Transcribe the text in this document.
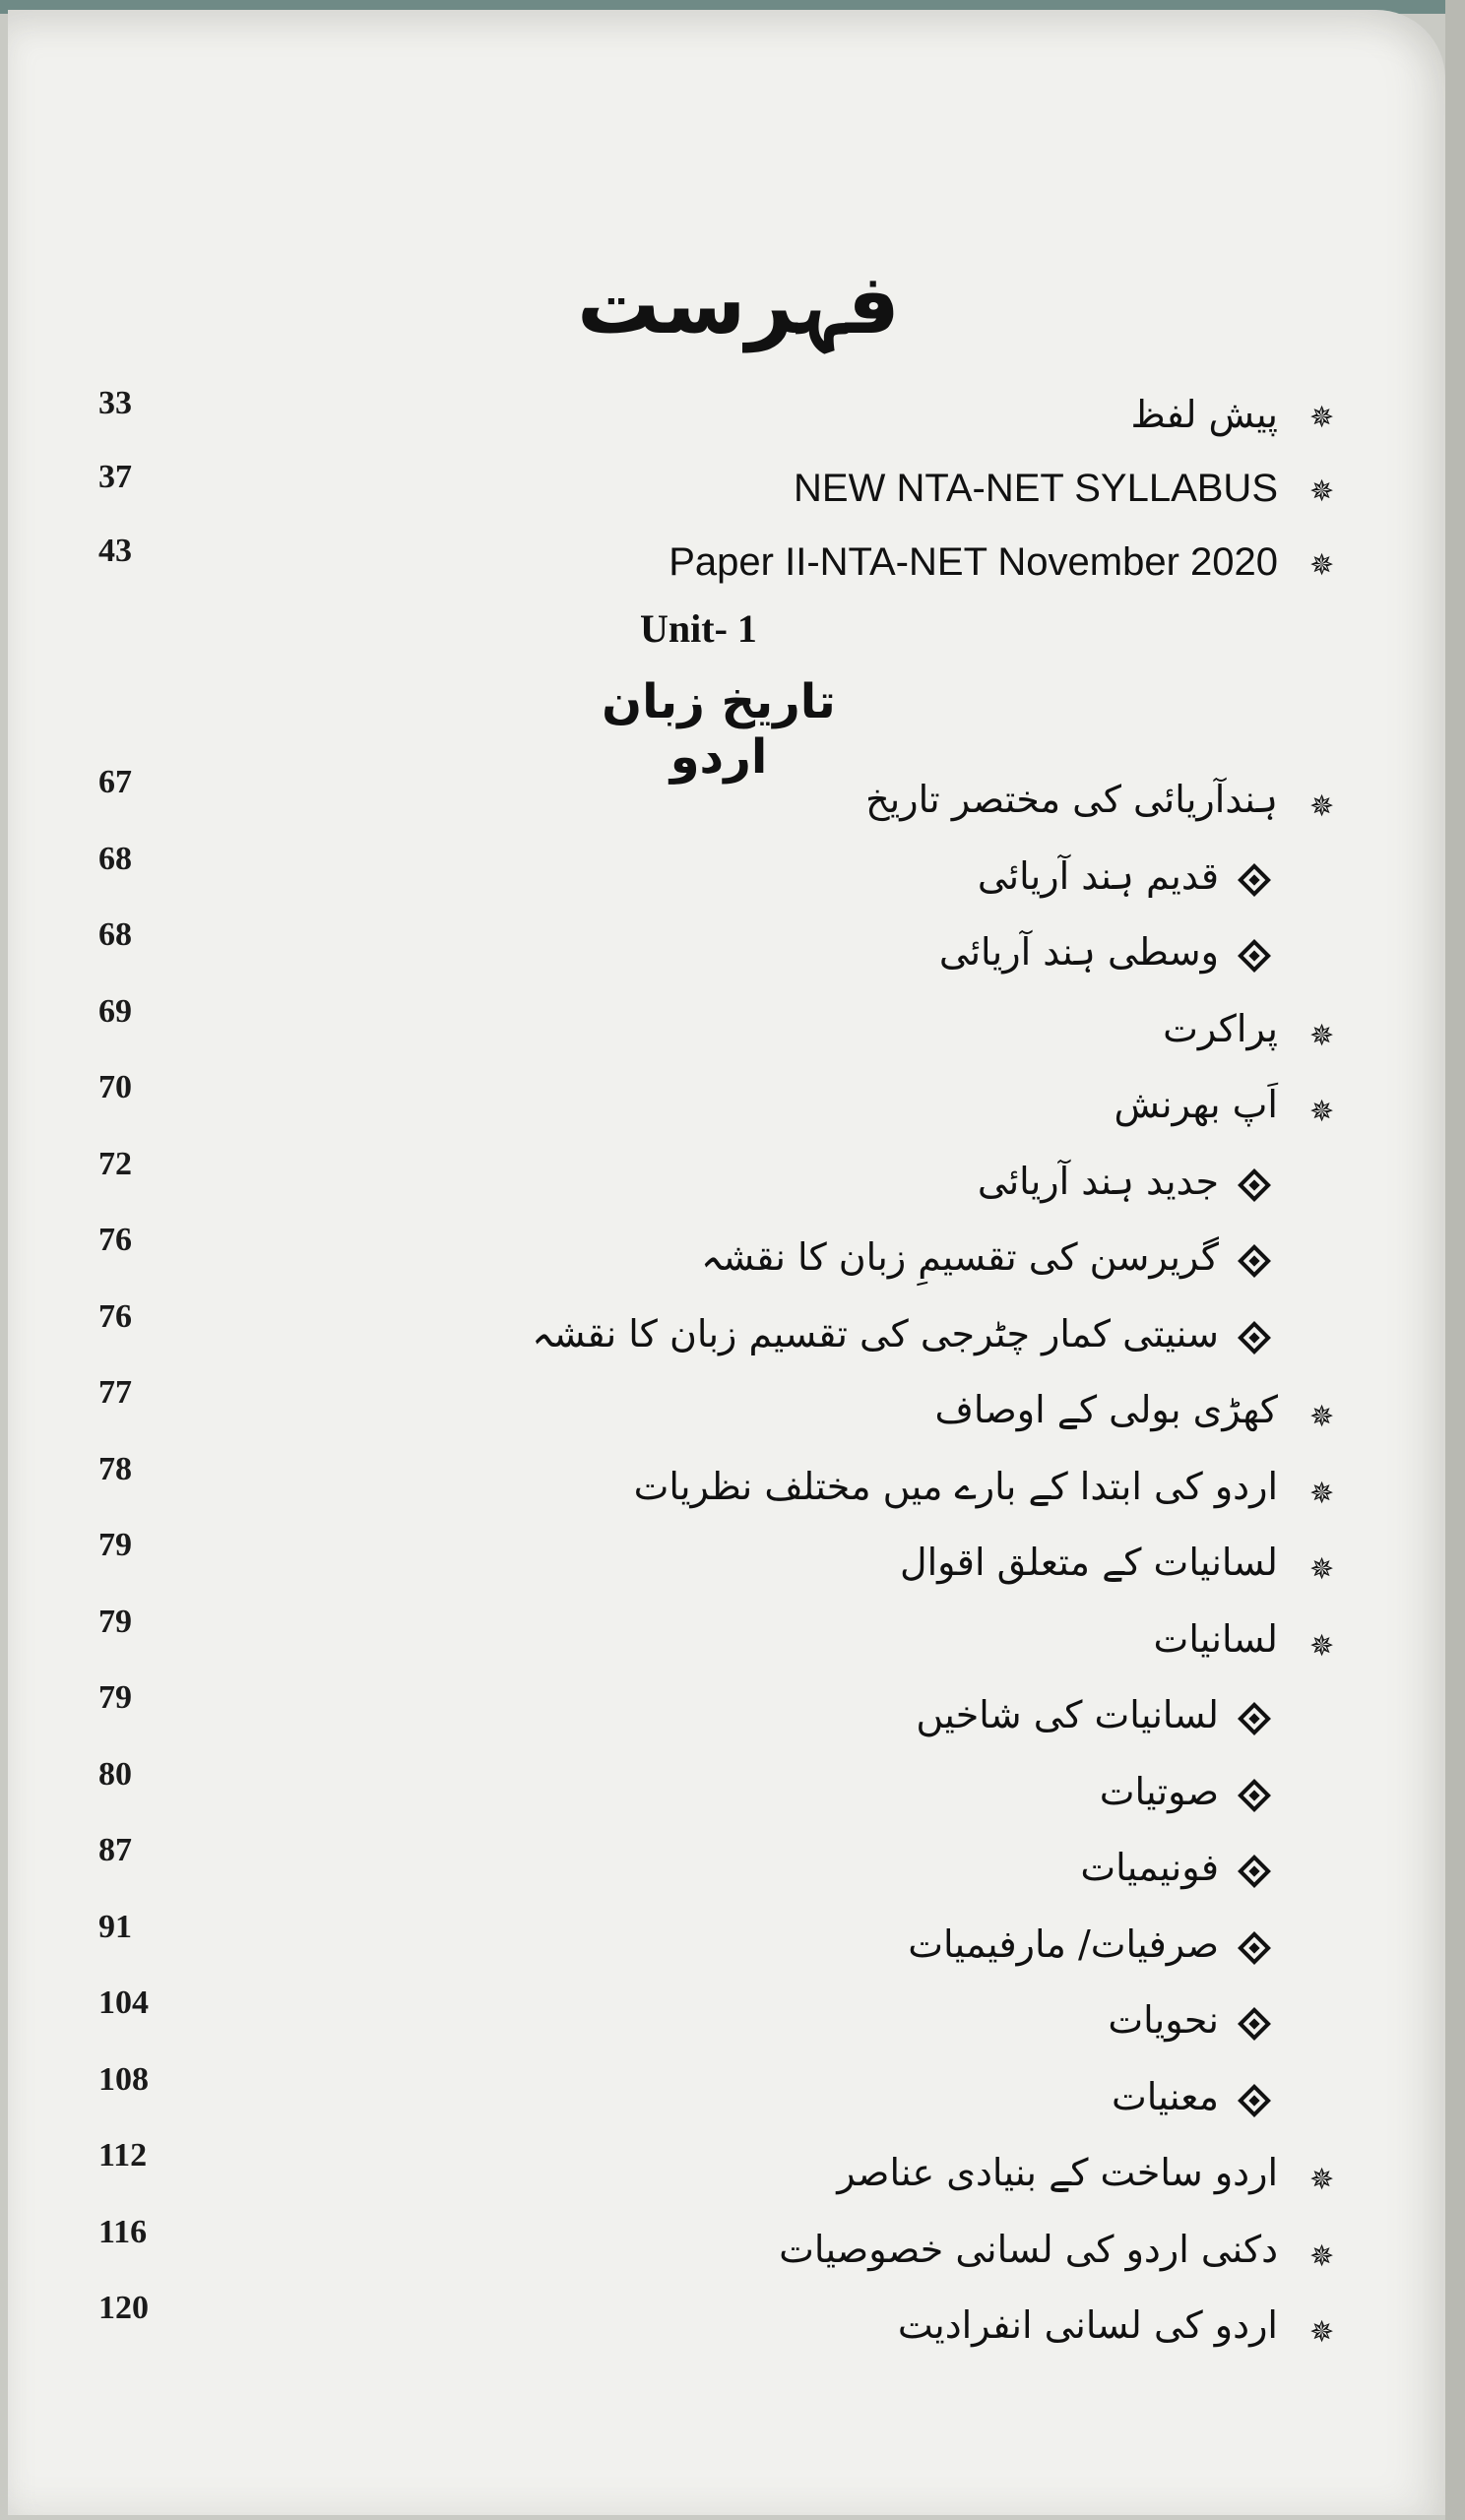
فہرست
33	پیش لفظ ✵
37	NEW NTA-NET SYLLABUS ✵
43	Paper II-NTA-NET November 2020 ✵
Unit- 1
تاریخ زبان اردو
67	ہندآریائی کی مختصر تاریخ ✵
68	قدیم ہند آریائی
68	وسطی ہند آریائی
69	پراکرت ✵
70	اَپ بھرنش ✵
72	جدید ہند آریائی
76	گریرسن کی تقسیمِ زبان کا نقشہ
76	سنیتی کمار چٹرجی کی تقسیم زبان کا نقشہ
77	کھڑی بولی کے اوصاف ✵
78	اردو کی ابتدا کے بارے میں مختلف نظریات ✵
79	لسانیات کے متعلق اقوال ✵
79	لسانیات ✵
79	لسانیات کی شاخیں
80	صوتیات
87	فونیمیات
91	صرفیات/ مارفیمیات
104	نحویات
108	معنیات
112	اردو ساخت کے بنیادی عناصر ✵
116	دکنی اردو کی لسانی خصوصیات ✵
120	اردو کی لسانی انفرادیت ✵
